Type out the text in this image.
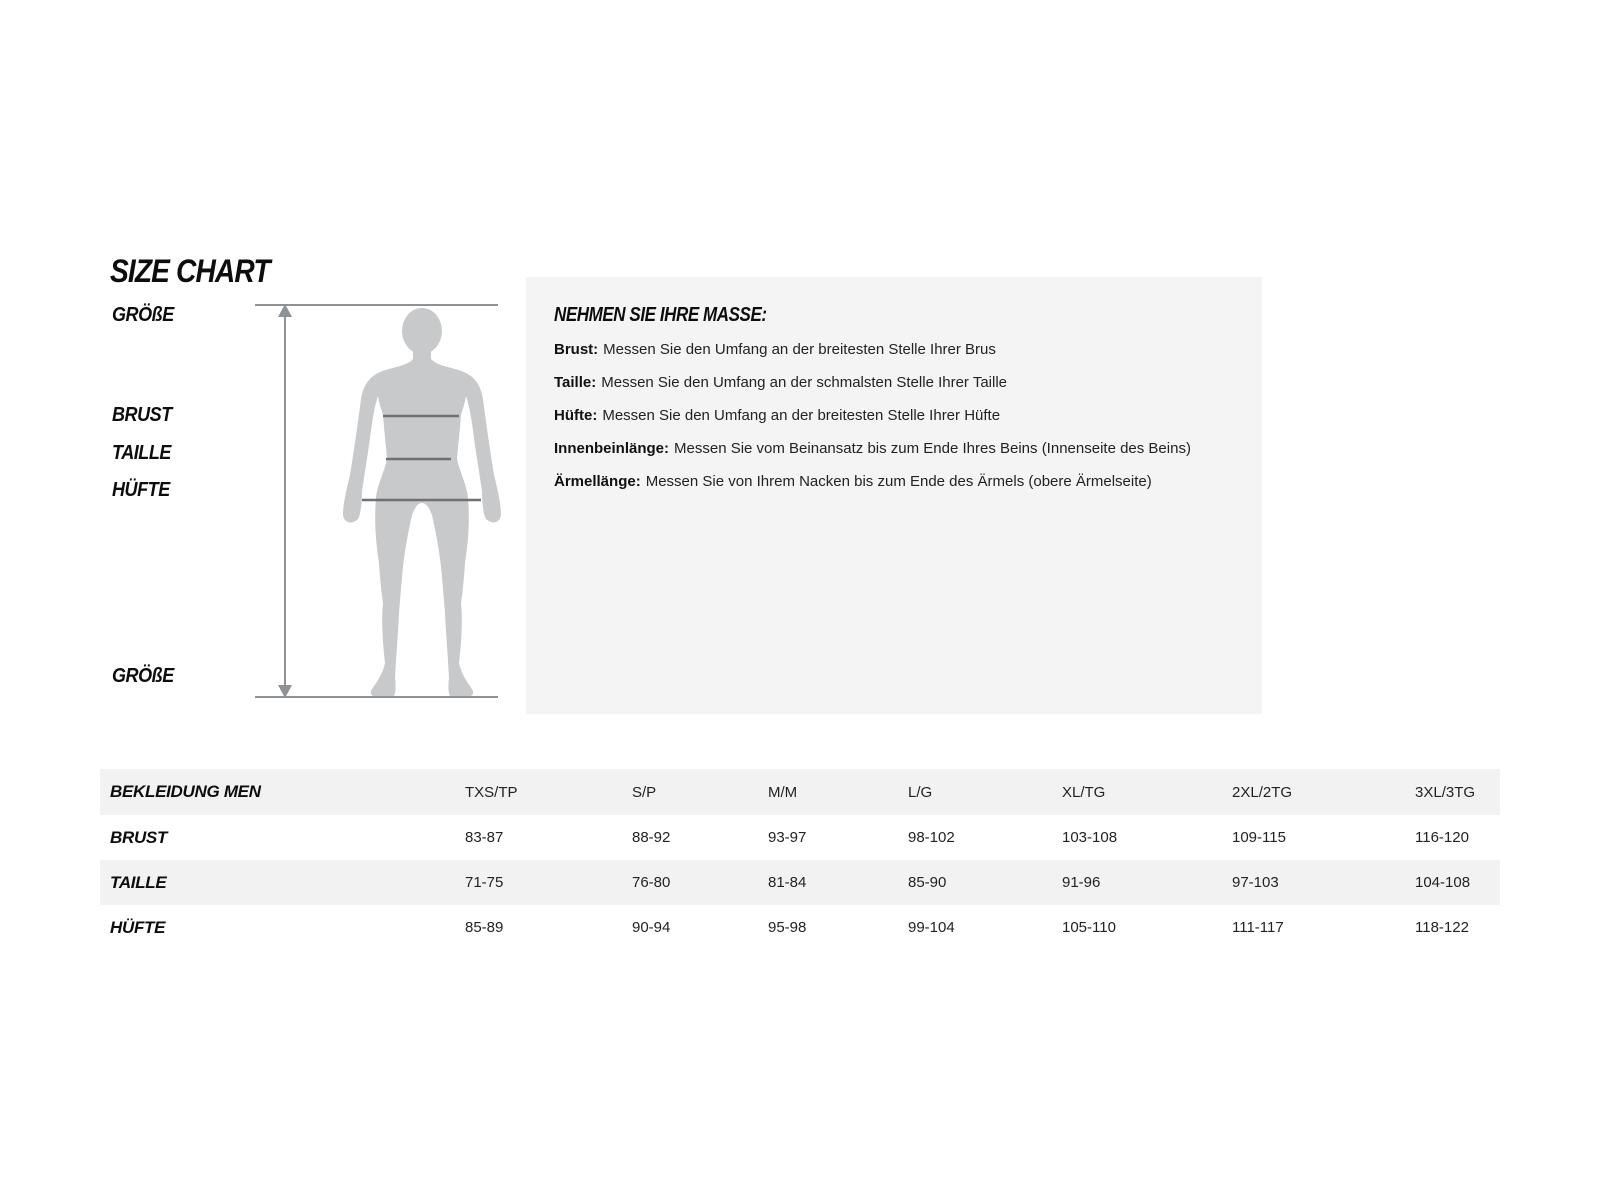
SIZE CHART
GRÖßE
BRUST
TAILLE
HÜFTE
GRÖßE
NEHMEN SIE IHRE MASSE:

Brust: Messen Sie den Umfang an der breitesten Stelle Ihrer Brus

Taille: Messen Sie den Umfang an der schmalsten Stelle Ihrer Taille

Hüfte: Messen Sie den Umfang an der breitesten Stelle Ihrer Hüfte

Innenbeinlänge: Messen Sie vom Beinansatz bis zum Ende Ihres Beins (Innenseite des Beins)

Ärmellänge: Messen Sie von Ihrem Nacken bis zum Ende des Ärmels (obere Ärmelseite)

BEKLEIDUNG MEN	TXS/TP	S/P	M/M	L/G	XL/TG	2XL/2TG	3XL/3TG
BRUST	83-87	88-92	93-97	98-102	103-108	109-115	116-120
TAILLE	71-75	76-80	81-84	85-90	91-96	97-103	104-108
HÜFTE	85-89	90-94	95-98	99-104	105-110	111-117	118-122
